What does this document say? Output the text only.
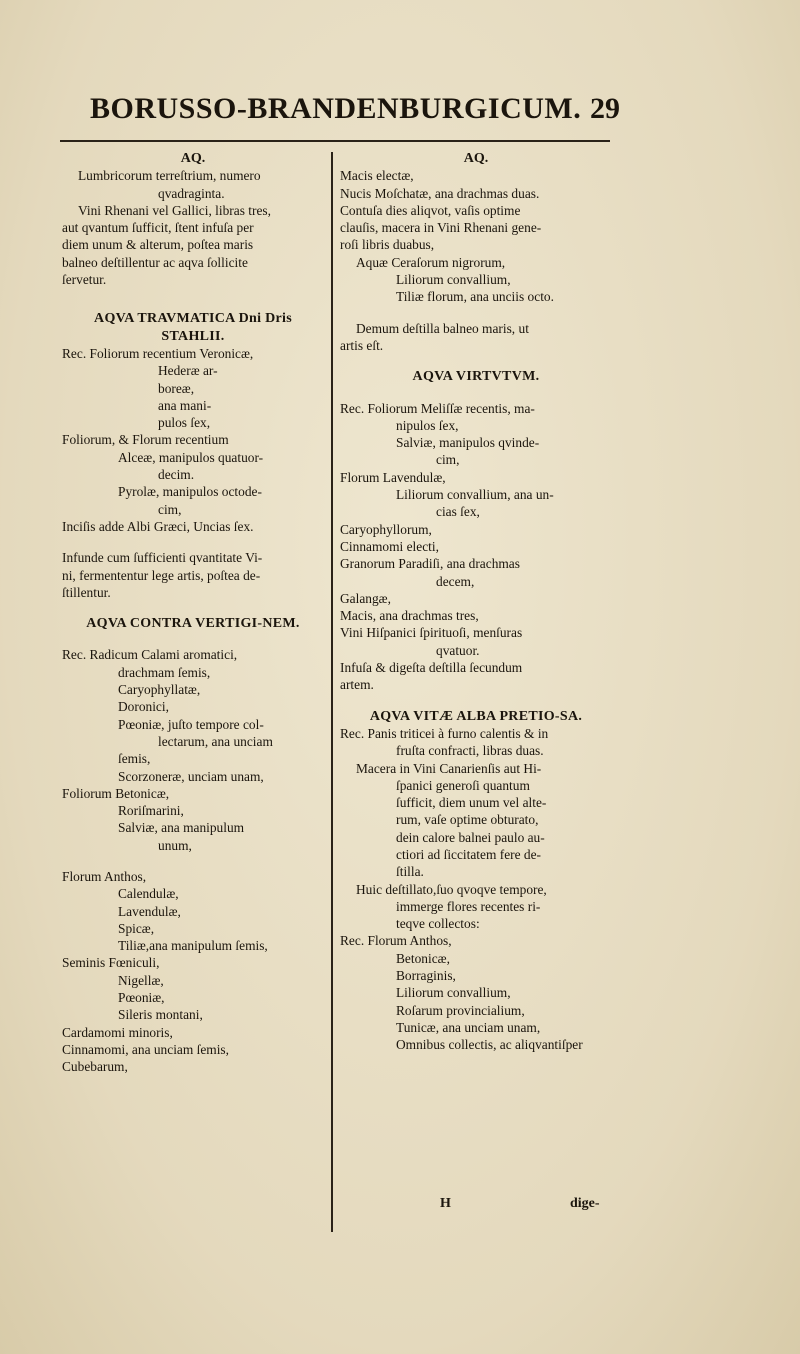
BORUSSO-BRANDENBURGICUM. 29

AQ.

Lumbricorum terreſtrium, numero

qvadraginta.

Vini Rhenani vel Gallici, libras tres,

aut qvantum ſufficit, ſtent infuſa per

diem unum & alterum, poſtea maris

balneo deſtillentur ac aqva ſollicite

ſervetur.

AQVA TRAVMATICA Dni Dris STAHLII.

Rec. Foliorum recentium Veronicæ,

Hederæ ar-

boreæ,

ana mani-

pulos ſex,

Foliorum, & Florum recentium

Alceæ, manipulos quatuor-

decim.

Pyrolæ, manipulos octode-

cim,

Inciſis adde Albi Græci, Uncias ſex.

Infunde cum ſufficienti qvantitate Vi-

ni, fermententur lege artis, poſtea de-

ſtillentur.

AQVA CONTRA VERTIGI-NEM.

Rec. Radicum Calami aromatici,

drachmam ſemis,

Caryophyllatæ,

Doronici,

Pœoniæ, juſto tempore col-

lectarum, ana unciam

ſemis,

Scorzoneræ, unciam unam,

Foliorum Betonicæ,

Roriſmarini,

Salviæ, ana manipulum

unum,

Florum Anthos,

Calendulæ,

Lavendulæ,

Spicæ,

Tiliæ,ana manipulum ſemis,

Seminis Fœniculi,

Nigellæ,

Pœoniæ,

Sileris montani,

Cardamomi minoris,

Cinnamomi, ana unciam ſemis,

Cubebarum,

AQ.

Macis electæ,

Nucis Moſchatæ, ana drachmas duas.

Contuſa dies aliqvot, vaſis optime

clauſis, macera in Vini Rhenani gene-

roſi libris duabus,

Aquæ Ceraſorum nigrorum,

Liliorum convallium,

Tiliæ florum, ana unciis octo.

Demum deſtilla balneo maris, ut

artis eſt.

AQVA VIRTVTVM.

Rec. Foliorum Meliſſæ recentis, ma-

nipulos ſex,

Salviæ, manipulos qvinde-

cim,

Florum Lavendulæ,

Liliorum convallium, ana un-

cias ſex,

Caryophyllorum,

Cinnamomi electi,

Granorum Paradiſi, ana drachmas

decem,

Galangæ,

Macis, ana drachmas tres,

Vini Hiſpanici ſpirituoſi, menſuras

qvatuor.

Infuſa & digeſta deſtilla ſecundum

artem.

AQVA VITÆ ALBA PRETIO-SA.

Rec. Panis triticei à furno calentis & in

fruſta confracti, libras duas.

Macera in Vini Canarienſis aut Hi-

ſpanici generoſi quantum

ſufficit, diem unum vel alte-

rum, vaſe optime obturato,

dein calore balnei paulo au-

ctiori ad ſiccitatem fere de-

ſtilla.

Huic deſtillato,ſuo qvoqve tempore,

immerge flores recentes ri-

teqve collectos:

Rec. Florum Anthos,

Betonicæ,

Borraginis,

Liliorum convallium,

Roſarum provincialium,

Tunicæ, ana unciam unam,

Omnibus collectis, ac aliqvantiſper

H	dige-
